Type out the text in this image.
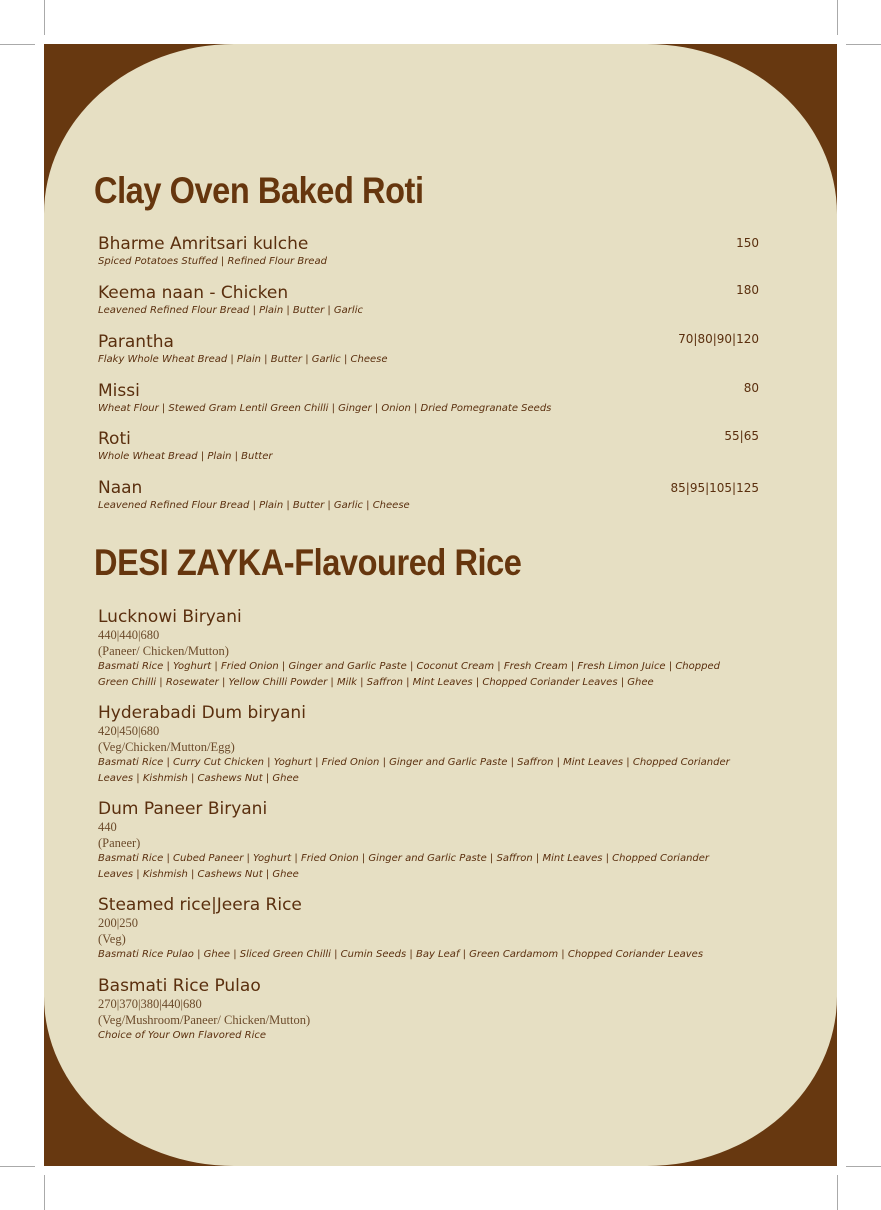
Clay Oven Baked Roti
Bharme Amritsari kulche
Spiced Potatoes Stuffed | Refined Flour Bread
150
Keema naan - Chicken
Leavened Refined Flour Bread | Plain | Butter | Garlic
180
Parantha
Flaky Whole Wheat Bread | Plain | Butter | Garlic | Cheese
70|80|90|120
Missi
Wheat Flour | Stewed Gram Lentil Green Chilli | Ginger | Onion | Dried Pomegranate Seeds
80
Roti
Whole Wheat Bread | Plain | Butter
55|65
Naan
Leavened Refined Flour Bread | Plain | Butter | Garlic | Cheese
85|95|105|125
DESI ZAYKA-Flavoured Rice
Lucknowi Biryani
440|440|680
(Paneer/ Chicken/Mutton)
Basmati Rice | Yoghurt | Fried Onion | Ginger and Garlic Paste | Coconut Cream | Fresh Cream | Fresh Limon Juice | Chopped Green Chilli | Rosewater | Yellow Chilli Powder | Milk | Saffron | Mint Leaves | Chopped Coriander Leaves | Ghee
Hyderabadi Dum biryani
420|450|680
(Veg/Chicken/Mutton/Egg)
Basmati Rice | Curry Cut Chicken | Yoghurt | Fried Onion | Ginger and Garlic Paste | Saffron | Mint Leaves | Chopped Coriander Leaves | Kishmish | Cashews Nut | Ghee
Dum Paneer Biryani
440
(Paneer)
Basmati Rice | Cubed Paneer | Yoghurt | Fried Onion | Ginger and Garlic Paste | Saffron | Mint Leaves | Chopped Coriander Leaves | Kishmish | Cashews Nut | Ghee
Steamed rice|Jeera Rice
200|250
(Veg)
Basmati Rice Pulao | Ghee | Sliced Green Chilli | Cumin Seeds | Bay Leaf | Green Cardamom | Chopped Coriander Leaves
Basmati Rice Pulao
270|370|380|440|680
(Veg/Mushroom/Paneer/ Chicken/Mutton)
Choice of Your Own Flavored Rice
